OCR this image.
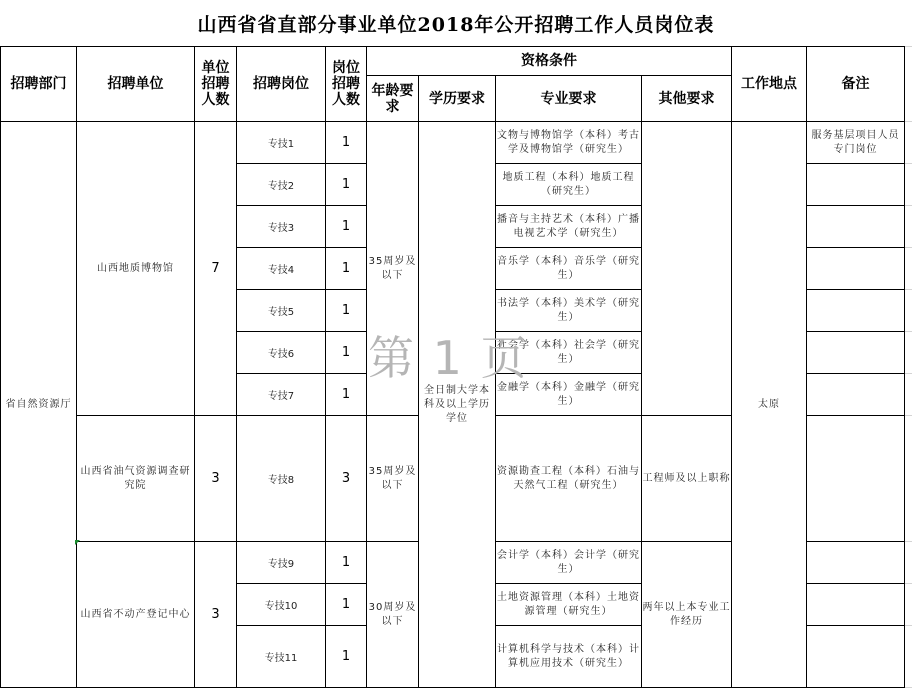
山西省省直部分事业单位2018年公开招聘工作人员岗位表
招聘部门	招聘单位	单位招聘人数	招聘岗位	岗位招聘人数	资格条件				工作地点	备注	
					年龄要求	学历要求	专业要求	其他要求			
省自然资源厅	山西地质博物馆	7	专技1	1	35周岁及以下	全日制大学本科及以上学历学位	文物与博物馆学（本科）考古学及博物馆学（研究生）		太原	服务基层项目人员专门岗位	
			专技2	1			地质工程（本科）地质工程（研究生）				
			专技3	1			播音与主持艺术（本科）广播电视艺术学（研究生）				
			专技4	1			音乐学（本科）音乐学（研究生）				
			专技5	1			书法学（本科）美术学（研究生）				
			专技6	1			社会学（本科）社会学（研究生）				
			专技7	1			金融学（本科）金融学（研究生）				
	山西省油气资源调查研究院	3	专技8	3	35周岁及以下		资源勘查工程（本科）石油与天然气工程（研究生）	工程师及以上职称			
	山西省不动产登记中心	3	专技9	1	30周岁及以下		会计学（本科）会计学（研究生）	两年以上本专业工作经历			
			专技10	1			土地资源管理（本科）土地资源管理（研究生）				
			专技11	1			计算机科学与技术（本科）计算机应用技术（研究生）				
第 1 页
